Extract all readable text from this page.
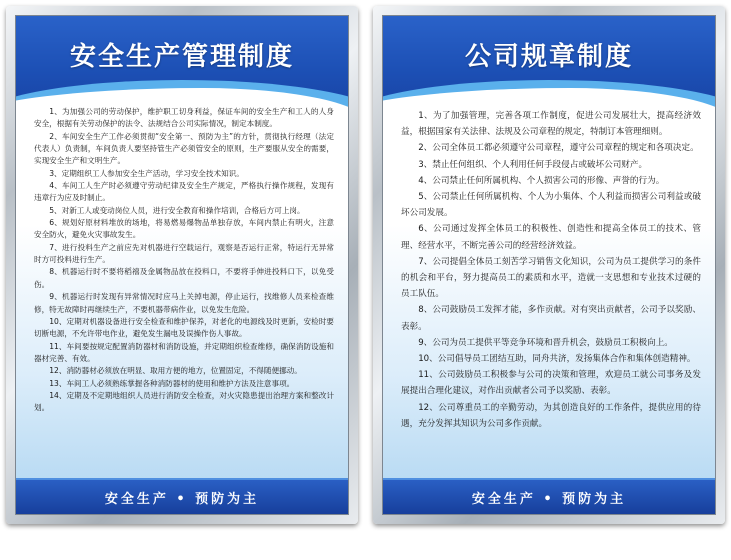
安全生产管理制度

1、为加强公司的劳动保护，维护职工切身利益，保证车间的安全生产和工人的人身安全，根据有关劳动保护的法令、法规结合公司实际情况，制定本制度。

2、车间安全生产工作必须贯彻“安全第一、预防为主”的方针，贯彻执行经理（法定代表人）负责制，车间负责人要坚持管生产必须管安全的原则，生产要服从安全的需要，实现安全生产和文明生产。

3、定期组织工人参加安全生产活动，学习安全技术知识。

4、车间工人生产时必须遵守劳动纪律及安全生产规定，严格执行操作规程，发现有违章行为应及时制止。

5、对新工人或变动岗位人员，进行安全教育和操作培训，合格后方可上岗。

6、规划好原材料堆放的场地，将易燃易爆物品单独存放，车间内禁止有明火，注意安全防火，避免火灾事故发生。

7、进行投料生产之前应先对机器进行空载运行，观察是否运行正常，特运行无异常时方可投料进行生产。

8、机器运行时不要将稻禧及金属物品放在投料口，不要将手伸进投料口下，以免受伤。

9、机器运行时发现有异常情况时应马上关掉电源，停止运行，找维修人员来检查维修，特无故障时再继续生产，不要机器带病作业，以免发生危险。

10、定期对机器设备进行安全检查和维护保养，对老化的电源线及时更新，安检时要切断电源，不允许带电作业，避免发生漏电及误操作伤人事故。

11、车间要按规定配置消防器材和消防设施，并定期组织检查维修，确保消防设施和器材完善、有效。

12、消防器材必须放在明显、取用方便的地方，位置固定，不得随便挪动。

13、车间工人必须熟练掌握各种消防器材的使用和维护方法及注意事项。

14、定期及不定期地组织人员进行消防安全检查，对火灾隐患提出治理方案和整改计划。

安全生产 • 预防为主
公司规章制度

1、为了加强管理，完善各项工作制度，促进公司发展壮大，提高经济效益，根据国家有关法律、法规及公司章程的规定，特制订本管理细则。

2、公司全体员工都必须遵守公司章程，遵守公司章程的规定和各项决定。

3、禁止任何组织、个人利用任何手段侵占或破坏公司财产。

4、公司禁止任何所属机构、个人损害公司的形像、声誉的行为。

5、公司禁止任何所属机构、个人为小集体、个人利益而损害公司利益或破坏公司发展。

6、公司通过发挥全体员工的积极性、创造性和提高全体员工的技术、管理、经营水平，不断完善公司的经营经济效益。

7、公司提倡全体员工刻苦学习销售文化知识，公司为员工提供学习的条件的机会和平台，努力提高员工的素质和水平，造就一支思想和专业技术过硬的员工队伍。

8、公司鼓励员工发挥才能，多作贡献。对有突出贡献者，公司予以奖励、表彰。

9、公司为员工提供平等竞争环境和晋升机会，鼓励员工积极向上。

10、公司倡导员工团结互助，同舟共济，发扬集体合作和集体创造精神。

11、公司鼓励员工积极参与公司的决策和管理，欢迎员工就公司事务及发展提出合理化建议，对作出贡献者公司予以奖励、表彰。

12、公司尊重员工的辛勤劳动，为其创造良好的工作条件，提供应用的待遇，充分发挥其知识为公司多作贡献。

安全生产 • 预防为主
